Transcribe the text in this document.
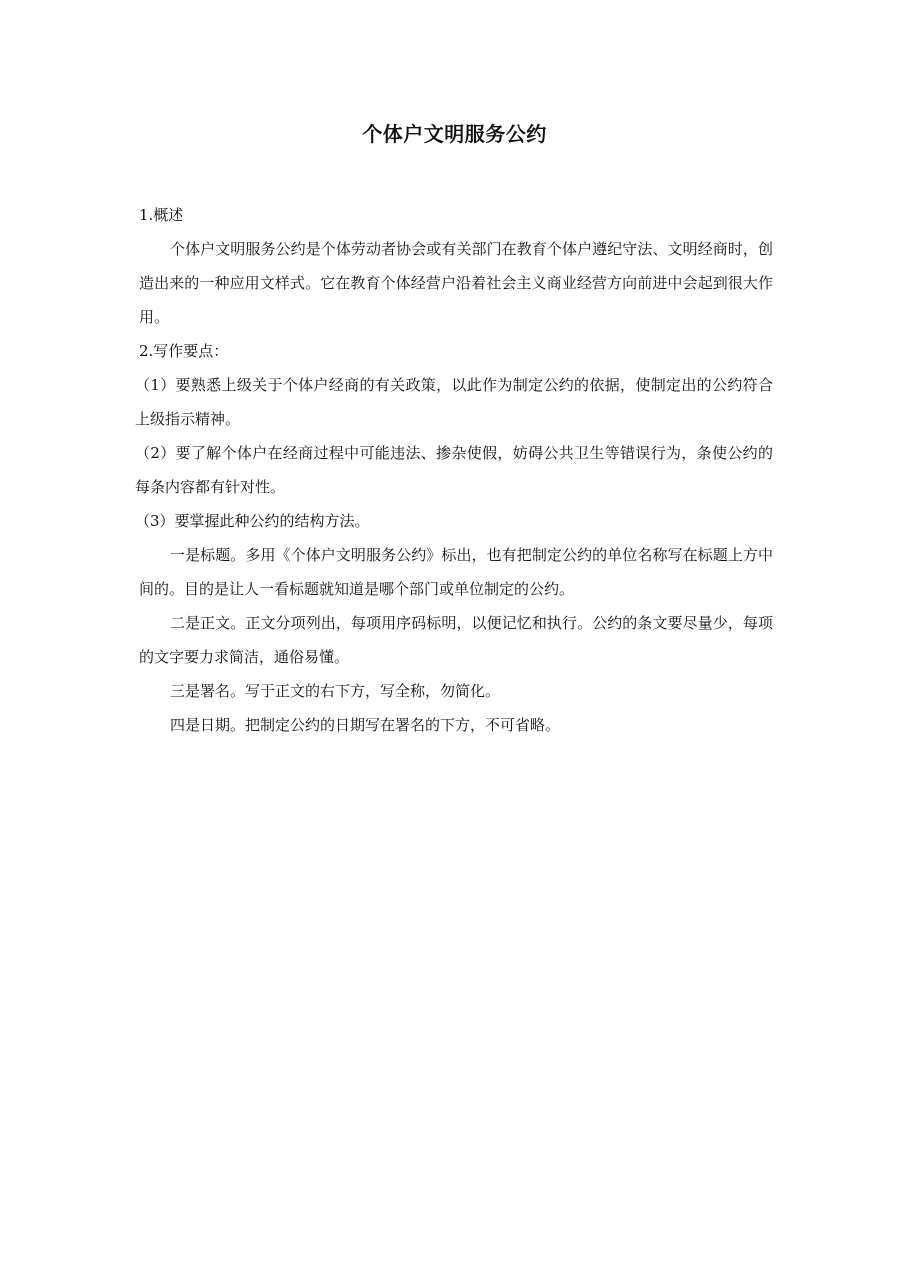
个体户文明服务公约

1.概述

个体户文明服务公约是个体劳动者协会或有关部门在教育个体户遵纪守法、文明经商时，创造出来的一种应用文样式。它在教育个体经营户沿着社会主义商业经营方向前进中会起到很大作用。

2.写作要点：

（1）要熟悉上级关于个体户经商的有关政策，以此作为制定公约的依据，使制定出的公约符合上级指示精神。

（2）要了解个体户在经商过程中可能违法、掺杂使假，妨碍公共卫生等错误行为，条使公约的每条内容都有针对性。

（3）要掌握此种公约的结构方法。

一是标题。多用《个体户文明服务公约》标出，也有把制定公约的单位名称写在标题上方中间的。目的是让人一看标题就知道是哪个部门或单位制定的公约。

二是正文。正文分项列出，每项用序码标明，以便记忆和执行。公约的条文要尽量少，每项的文字要力求简洁，通俗易懂。

三是署名。写于正文的右下方，写全称，勿简化。

四是日期。把制定公约的日期写在署名的下方，不可省略。
